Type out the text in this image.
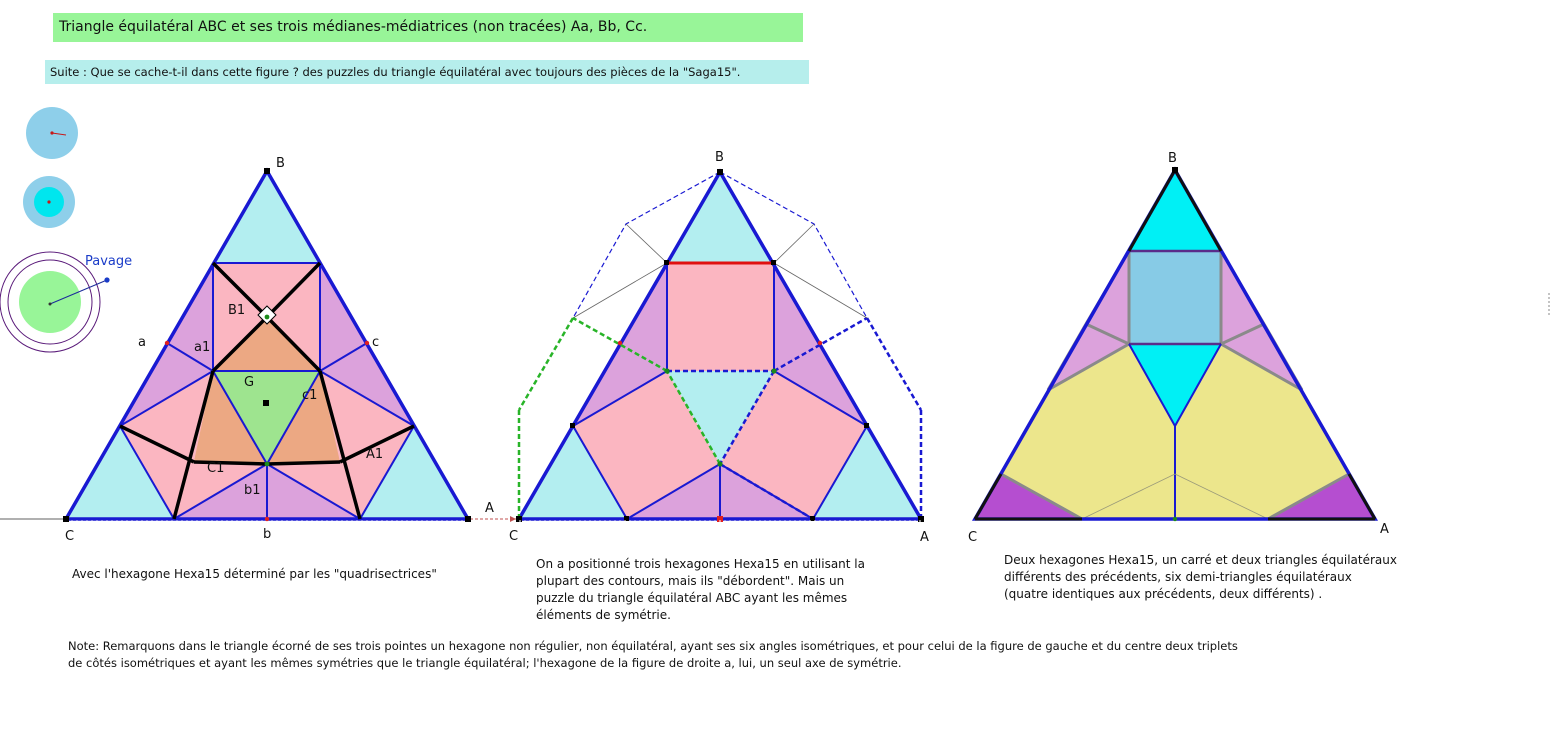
Triangle équilatéral ABC et ses trois médianes-médiatrices (non tracées) Aa, Bb, Cc.
Suite : Que se cache-t-il dans cette figure ? des puzzles du triangle équilatéral avec toujours des pièces de la "Saga15".
Pavage
B
a	c
a1
B1
G
c1
C1
A1
b1
C	b
A
B
C	A
B
C
A
Avec l'hexagone Hexa15 déterminé par les "quadrisectrices"
On a positionné trois hexagones Hexa15 en utilisant la
plupart des contours, mais ils "débordent". Mais un
puzzle du triangle équilatéral ABC ayant les mêmes
éléments de symétrie.
Deux hexagones Hexa15, un carré et deux triangles équilatéraux
différents des précédents, six demi-triangles équilatéraux
(quatre identiques aux précédents, deux différents) .
Note: Remarquons dans le triangle écorné de ses trois pointes un hexagone non régulier, non équilatéral, ayant ses six angles isométriques, et pour celui de la figure de gauche et du centre deux triplets
de côtés isométriques et ayant les mêmes symétries que le triangle équilatéral; l'hexagone de la figure de droite a, lui, un seul axe de symétrie.
